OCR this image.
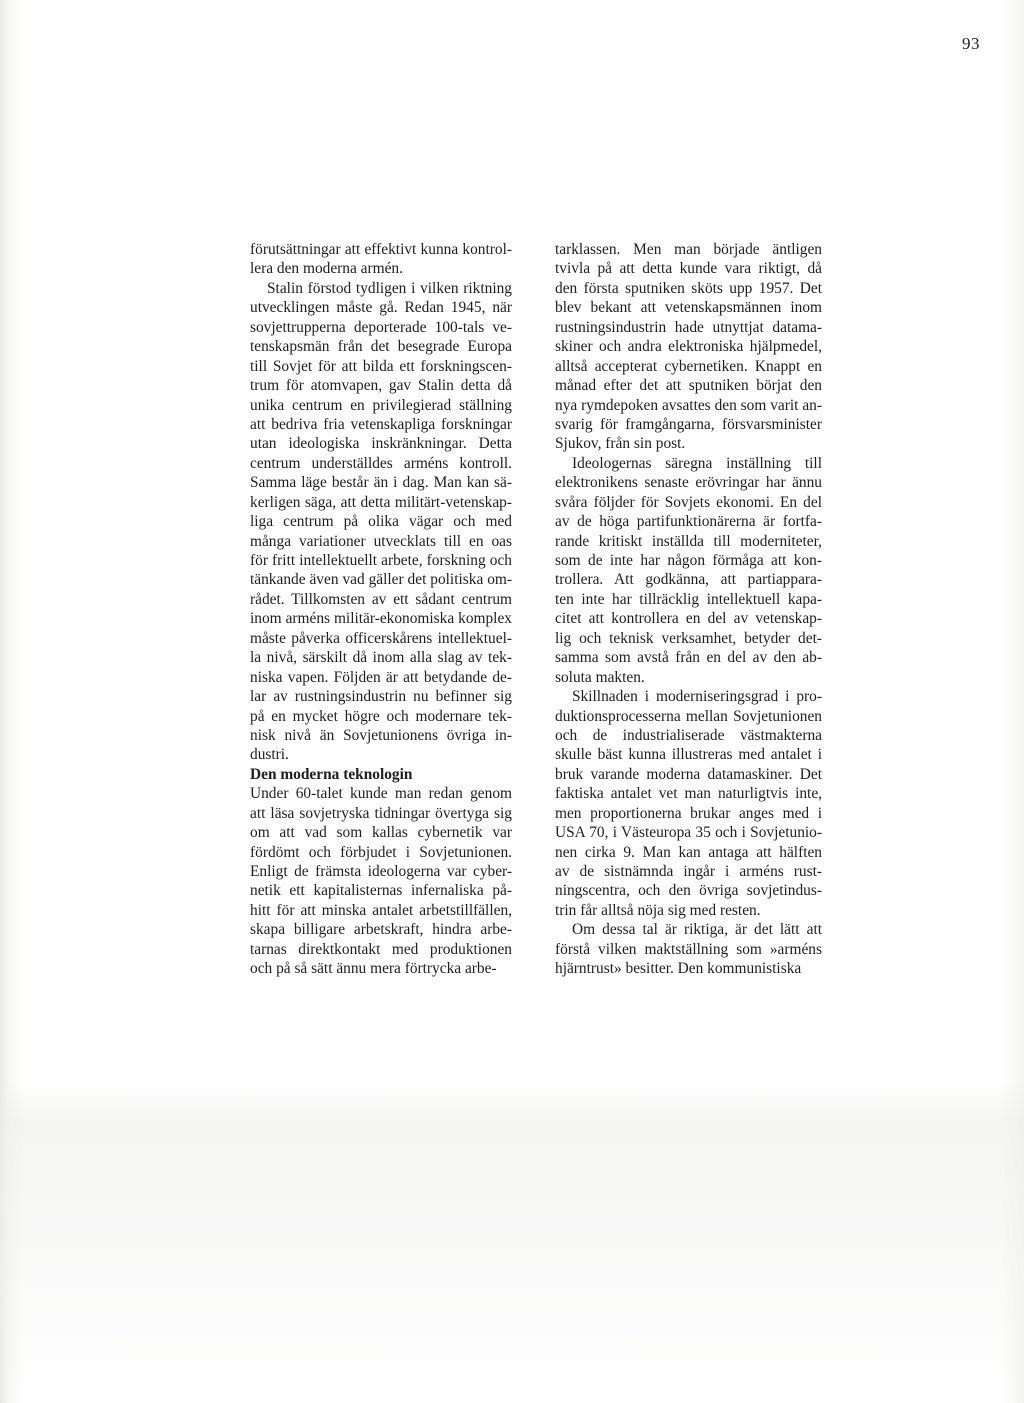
93
förutsättningar att effektivt kunna kontrol-
lera den moderna armén.
Stalin förstod tydligen i vilken riktning
utvecklingen måste gå. Redan 1945, när
sovjettrupperna deporterade 100-tals ve-
tenskapsmän från det besegrade Europa
till Sovjet för att bilda ett forskningscen-
trum för atomvapen, gav Stalin detta då
unika centrum en privilegierad ställning
att bedriva fria vetenskapliga forskningar
utan ideologiska inskränkningar. Detta
centrum underställdes arméns kontroll.
Samma läge består än i dag. Man kan sä-
kerligen säga, att detta militärt-vetenskap-
liga centrum på olika vägar och med
många variationer utvecklats till en oas
för fritt intellektuellt arbete, forskning och
tänkande även vad gäller det politiska om-
rådet. Tillkomsten av ett sådant centrum
inom arméns militär-ekonomiska komplex
måste påverka officerskårens intellektuel-
la nivå, särskilt då inom alla slag av tek-
niska vapen. Följden är att betydande de-
lar av rustningsindustrin nu befinner sig
på en mycket högre och modernare tek-
nisk nivå än Sovjetunionens övriga in-
dustri.
Den moderna teknologin
Under 60-talet kunde man redan genom
att läsa sovjetryska tidningar övertyga sig
om att vad som kallas cybernetik var
fördömt och förbjudet i Sovjetunionen.
Enligt de främsta ideologerna var cyber-
netik ett kapitalisternas infernaliska på-
hitt för att minska antalet arbetstillfällen,
skapa billigare arbetskraft, hindra arbe-
tarnas direktkontakt med produktionen
och på så sätt ännu mera förtrycka arbe-
tarklassen. Men man började äntligen
tvivla på att detta kunde vara riktigt, då
den första sputniken sköts upp 1957. Det
blev bekant att vetenskapsmännen inom
rustningsindustrin hade utnyttjat datama-
skiner och andra elektroniska hjälpmedel,
alltså accepterat cybernetiken. Knappt en
månad efter det att sputniken börjat den
nya rymdepoken avsattes den som varit an-
svarig för framgångarna, försvarsminister
Sjukov, från sin post.
Ideologernas säregna inställning till
elektronikens senaste erövringar har ännu
svåra följder för Sovjets ekonomi. En del
av de höga partifunktionärerna är fortfa-
rande kritiskt inställda till moderniteter,
som de inte har någon förmåga att kon-
trollera. Att godkänna, att partiappara-
ten inte har tillräcklig intellektuell kapa-
citet att kontrollera en del av vetenskap-
lig och teknisk verksamhet, betyder det-
samma som avstå från en del av den ab-
soluta makten.
Skillnaden i moderniseringsgrad i pro-
duktionsprocesserna mellan Sovjetunionen
och de industrialiserade västmakterna
skulle bäst kunna illustreras med antalet i
bruk varande moderna datamaskiner. Det
faktiska antalet vet man naturligtvis inte,
men proportionerna brukar anges med i
USA 70, i Västeuropa 35 och i Sovjetunio-
nen cirka 9. Man kan antaga att hälften
av de sistnämnda ingår i arméns rust-
ningscentra, och den övriga sovjetindus-
trin får alltså nöja sig med resten.
Om dessa tal är riktiga, är det lätt att
förstå vilken maktställning som »arméns
hjärntrust» besitter. Den kommunistiska
